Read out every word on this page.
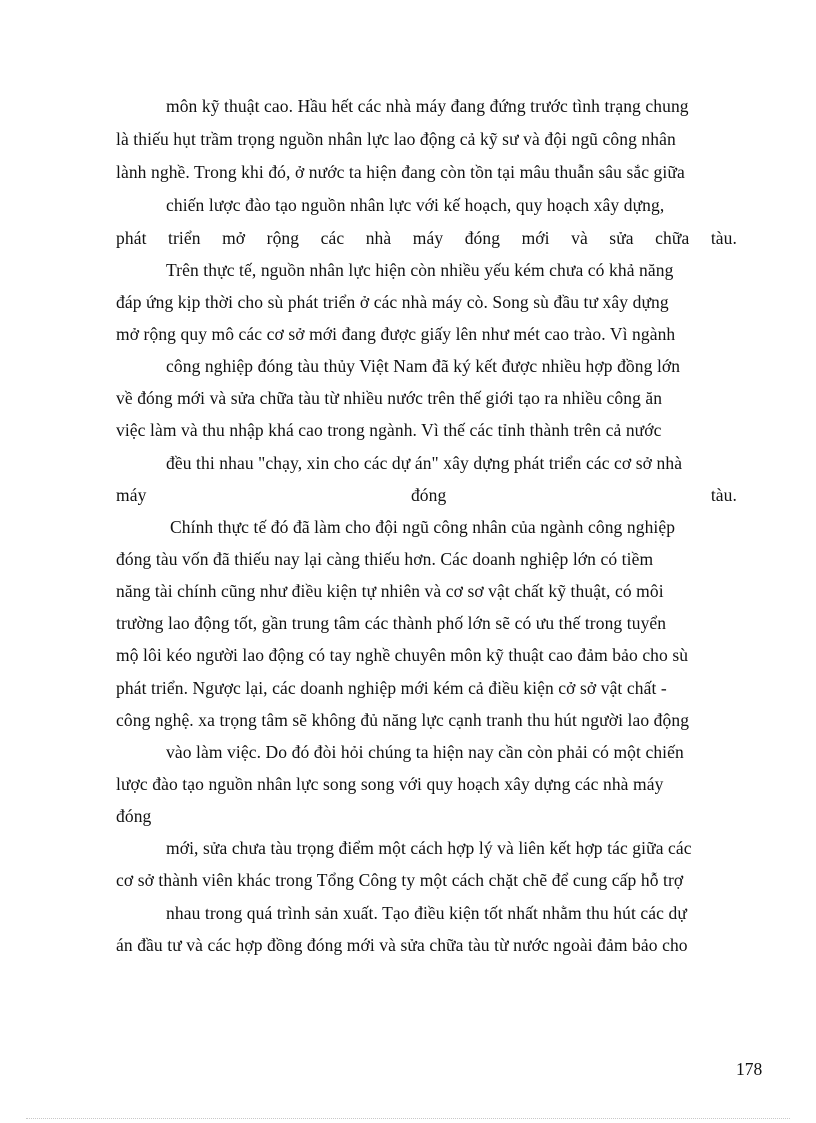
môn kỹ thuật cao. Hầu hết các nhà máy đang đứng trước tình trạng chung
là thiếu hụt trầm trọng nguồn nhân lực lao động cả kỹ sư và đội ngũ công nhân
lành nghề. Trong khi đó, ở nước ta hiện đang còn tồn tại mâu thuẫn sâu sắc giữa
chiến lược đào tạo nguồn nhân lực với kế hoạch, quy hoạch xây dựng,
phát triển mở rộng các nhà máy đóng mới và sửa chữa tàu.
Trên thực tế, nguồn nhân lực hiện còn nhiều yếu kém chưa có khả năng
đáp ứng kịp thời cho sù phát triển ở các nhà máy cò. Song sù đầu tư xây dựng
mở rộng quy mô các cơ sở mới đang được giấy lên như mét cao trào. Vì ngành
công nghiệp đóng tàu thủy Việt Nam đã ký kết được nhiều hợp đồng lớn
về đóng mới và sửa chữa tàu từ nhiều nước trên thế giới tạo ra nhiều công ăn
việc làm và thu nhập khá cao trong ngành. Vì thế các tỉnh thành trên cả nước
đều thi nhau "chạy, xin cho các dự án" xây dựng phát triển các cơ sở nhà
máy	đóng	tàu.
Chính thực tế đó đã làm cho đội ngũ công nhân của ngành công nghiệp
đóng tàu vốn đã thiếu nay lại càng thiếu hơn. Các doanh nghiệp lớn có tiềm
năng tài chính cũng như điều kiện tự nhiên và cơ sơ vật chất kỹ thuật, có môi
trường lao động tốt, gần trung tâm các thành phố lớn sẽ có ưu thế trong tuyển
mộ lôi kéo người lao động có tay nghề chuyên môn kỹ thuật cao đảm bảo cho sù
phát triển. Ngược lại, các doanh nghiệp mới kém cả điều kiện cở sở vật chất -
công nghệ. xa trọng tâm sẽ không đủ năng lực cạnh tranh thu hút người lao động
vào làm việc. Do đó đòi hỏi chúng ta hiện nay cần còn phải có một chiến
lược đào tạo nguồn nhân lực song song với quy hoạch xây dựng các nhà máy
đóng
mới, sửa chưa tàu trọng điểm một cách hợp lý và liên kết hợp tác giữa các
cơ sở thành viên khác trong Tổng Công ty một cách chặt chẽ để cung cấp hỗ trợ
nhau trong quá trình sản xuất. Tạo điều kiện tốt nhất nhằm thu hút các dự
án đầu tư và các hợp đồng đóng mới và sửa chữa tàu từ nước ngoài đảm bảo cho
178
